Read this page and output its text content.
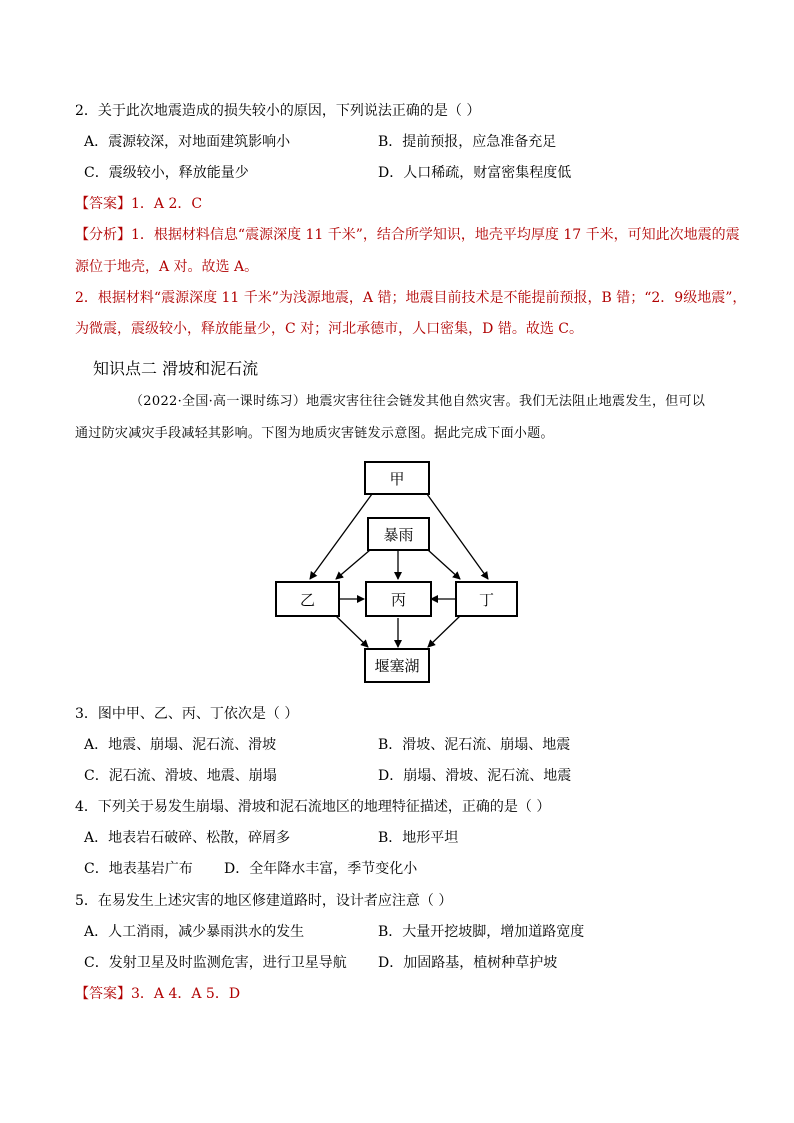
2．关于此次地震造成的损失较小的原因，下列说法正确的是（ ）
A．震源较深，对地面建筑影响小	B．提前预报，应急准备充足
C．震级较小，释放能量少	D．人口稀疏，财富密集程度低
【答案】1．A 2．C
【分析】1．根据材料信息“震源深度 11 千米”，结合所学知识，地壳平均厚度 17 千米，可知此次地震的震
源位于地壳，A 对。故选 A。
2．根据材料“震源深度 11 千米”为浅源地震，A 错；地震目前技术是不能提前预报，B 错；“2．9级地震”，
为微震，震级较小，释放能量少，C 对；河北承德市，人口密集，D 错。故选 C。
知识点二 滑坡和泥石流
（2022·全国·高一课时练习）地震灾害往往会链发其他自然灾害。我们无法阻止地震发生，但可以
通过防灾减灾手段减轻其影响。下图为地质灾害链发示意图。据此完成下面小题。
甲
暴雨
乙	丙	丁
堰塞湖
3．图中甲、乙、丙、丁依次是（ ）
A．地震、崩塌、泥石流、滑坡	B．滑坡、泥石流、崩塌、地震
C．泥石流、滑坡、地震、崩塌	D．崩塌、滑坡、泥石流、地震
4．下列关于易发生崩塌、滑坡和泥石流地区的地理特征描述，正确的是（ ）
A．地表岩石破碎、松散，碎屑多	B．地形平坦
C．地表基岩广布 D．全年降水丰富，季节变化小
5．在易发生上述灾害的地区修建道路时，设计者应注意（ ）
A．人工消雨，减少暴雨洪水的发生	B．大量开挖坡脚，增加道路宽度
C．发射卫星及时监测危害，进行卫星导航 D．加固路基，植树种草护坡
【答案】3．A 4．A 5．D
